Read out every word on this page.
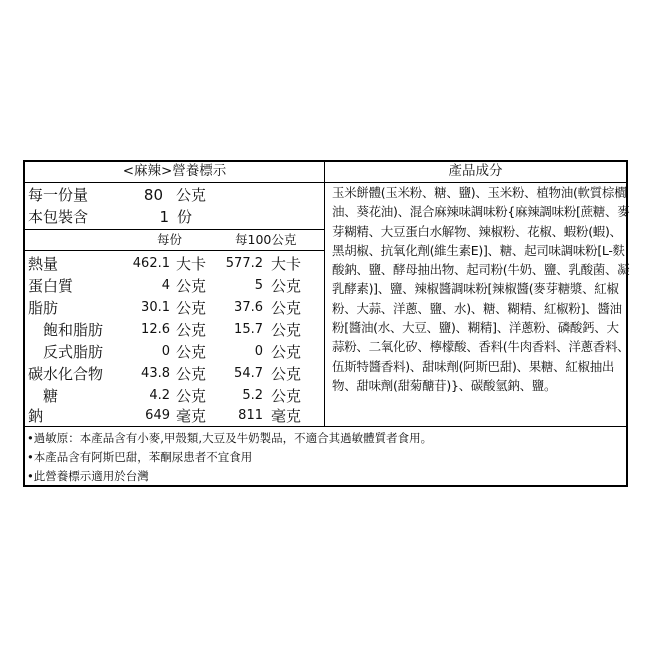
<麻辣>營養標示	產品成分
每一份量	80 公克
本包裝含	1 份
每份	每100公克
熱量	462.1 大卡 577.2 大卡
蛋白質	4 公克	5 公克
脂肪	30.1 公克	37.6 公克
飽和脂肪	12.6 公克	15.7 公克
反式脂肪	0 公克	0 公克
碳水化合物	43.8 公克	54.7 公克
糖	4.2 公克	5.2 公克
鈉	649 毫克	811 毫克
玉米餅體(玉米粉、糖、鹽)、玉米粉、植物油(軟質棕櫚油、葵花油)、混合麻辣味調味粉{麻辣調味粉[蔗糖、麥芽糊精、大豆蛋白水解物、辣椒粉、花椒、蝦粉(蝦)、黑胡椒、抗氧化劑(維生素E)]、糖、起司味調味粉[L-麩酸鈉、鹽、酵母抽出物、起司粉(牛奶、鹽、乳酸菌、凝乳酵素)]、鹽、辣椒醬調味粉[辣椒醬(麥芽糖漿、紅椒粉、大蒜、洋蔥、鹽、水)、糖、糊精、紅椒粉]、醬油粉[醬油(水、大豆、鹽)、糊精]、洋蔥粉、磷酸鈣、大蒜粉、二氧化矽、檸檬酸、香料(牛肉香料、洋蔥香料、伍斯特醬香料)、甜味劑(阿斯巴甜)、果糖、紅椒抽出物、甜味劑(甜菊醣苷)}、碳酸氫鈉、鹽。
•過敏原：本產品含有小麥,甲殼類,大豆及牛奶製品，不適合其過敏體質者食用。
•本產品含有阿斯巴甜，苯酮尿患者不宜食用
•此營養標示適用於台灣
